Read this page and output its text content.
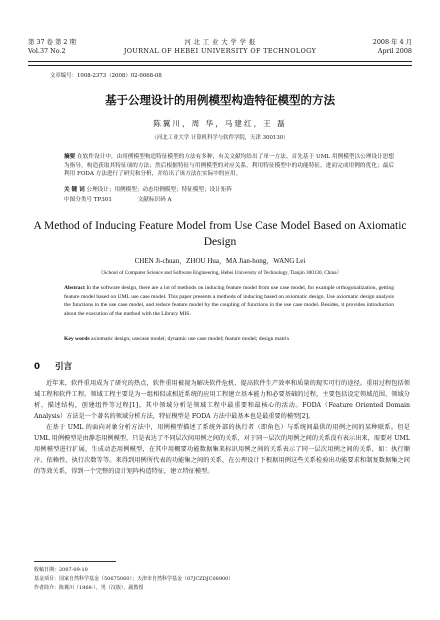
第 37 卷 第 2 期
Vol.37 No.2
河 北 工 业 大 学 学 报
JOURNAL OF HEBEI UNIVERSITY OF TECHNOLOGY
2008 年 4 月
April 2008
文章编号：1008-2373（2008）02-0068-08
基于公理设计的用例模型构造特征模型的方法
陈翼川，周 华，马建红，王 磊
（河北工业大学 计算机科学与软件学院，天津 300130）
摘要 在软件设计中，由用例模型构造特征模型的方法有多种，有关文献均给出了单一方法。首先基于 UML 用例模型以公理设计思想为指导，构造获取其特征项的方法；然后根据特征与用例模型的对应关系，利用特征模型中的功能特征，进而完成用例的优化；最后利用 FODA 方法进行了研究和分析，并给出了该方法在实际中的应用。
关 键 词 公理设计；用例模型；动态用例模型；特征模型；设计矩阵
中图分类号 TP301	文献标识码 A
A Method of Inducing Feature Model from Use Case Model Based on Axiomatic Design
CHEN Ji-chuan，ZHOU Hua，MA Jian-hong，WANG Lei
（School of Computer Science and Software Engineering, Hebei University of Technology, Tianjin 300130, China）
Abstract In the software design, there are a lot of methods on inducing feature model from use case model, for example orthogonalization, getting feature model based on UML use case model. This paper presents a methods of inducing based on axiomatic design. Use axiomatic design analysis the functions in the use case model, and reduce feature model by the coupling of functions in the use case model. Besides, it provides introduction about the execution of the method with the Library MIS.
Key words axiomatic design; usecase model; dynamic use case model; feature model; design matrix
0 引言

近年来，软件重用成为了研究的热点，软件重用被视为解决软件危机、提高软件生产效率和质量的现实可行的途径。重用过程包括领域工程和软件工程。领域工程主要是为一组相似或相近系统的应用工程建立基本能力和必要基础的过程，主要包括设定领域范围、领域分析、描述结构，创建组件等过程[1]。其中领域分析是领域工程中最重要和最核心的活动。FODA（Feature Oriented Domain Analysis）方法是一个著名的领域分析方法，特征模型是 FODA 方法中最基本也是最重要的模型[2]。

在基于 UML 的面向对象分析方法中，用例模型描述了系统外部的执行者（即角色）与系统间最供的用例之间的某种联系。但是 UML 用例模型是由静态用例模型，只是表达了不同层次间用例之间的关系，对于同一层次的用例之间的关系没有表示出来，需要对 UML 用例模型进行扩展，生成动态用例模型，在其中用概要功能数据集来标识用例之间的关系表示了同一层次用例之间的关系，如：执行顺序、依赖性、执行次数等等。来得到用例所代表的功能集之间的关系，在公理设计下根据用例这些关系检验出功能要求和制复数据集之间的等效关系，得到一个完整的设计矩阵构造特征，建立特征模型。

收稿日期：2007-09-10
基金项目：国家自然科学基金（50675060）；天津市自然科学基金（07JCZDJC08900）
作者简介：陈翼川（1968-），男（汉族），副教授
